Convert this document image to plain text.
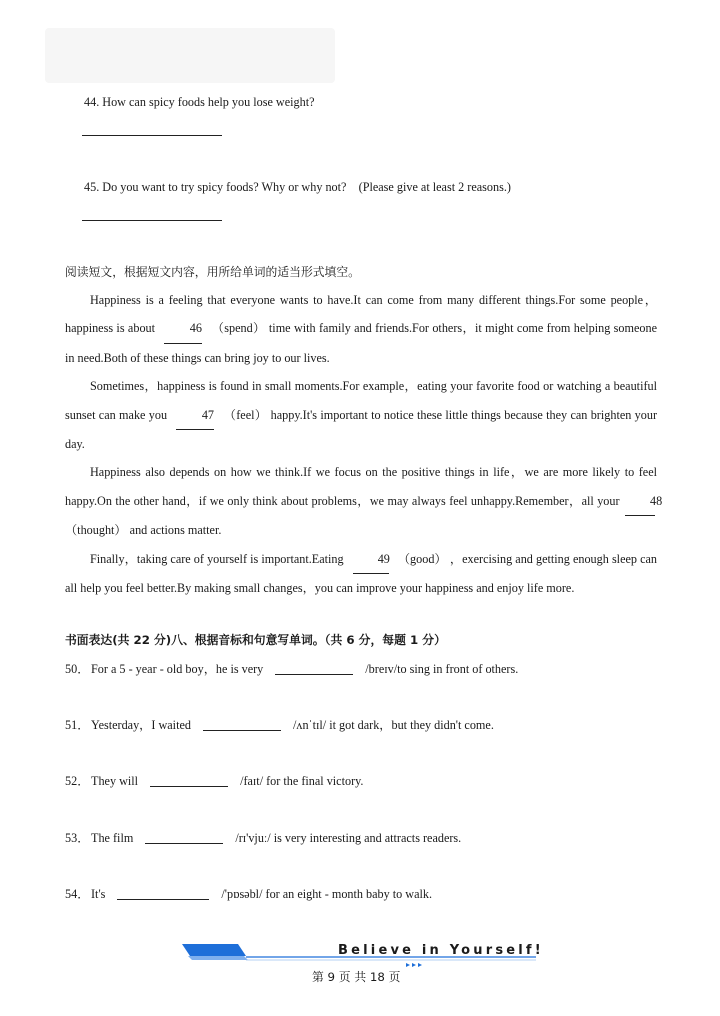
44. How can spicy foods help you lose weight?
45. Do you want to try spicy foods? Why or why not?    (Please give at least 2 reasons.)
阅读短文，根据短文内容，用所给单词的适当形式填空。

Happiness is a feeling that everyone wants to have.It can come from many different things.For some people，happiness is about	46 （spend） time with family and friends.For others，it might come from helping someone in need.Both of these things can bring joy to our lives.

Sometimes，happiness is found in small moments.For example，eating your favorite food or watching a beautiful sunset can make you	47 （feel） happy.It's important to notice these little things because they can brighten your day.

Happiness also depends on how we think.If we focus on the positive things in life，we are more likely to feel happy.On the other hand，if we only think about problems，we may always feel unhappy.Remember，all your 48 （thought） and actions matter.

Finally，taking care of yourself is important.Eating	49 （good） ，exercising and getting enough sleep can all help you feel better.By making small changes，you can improve your happiness and enjoy life more.

书面表达(共 22 分)八、根据音标和句意写单词。（共 6 分，每题 1 分）
50． For a 5 - year - old boy，he is very	/breɪv/to sing in front of others.
51． Yesterday，I waited	/ʌnˈtɪl/ it got dark，but they didn't come.
52． They will	/faɪt/ for the final victory.
53． The film	/rɪ'vjuː/ is very interesting and attracts readers.
54． It's	/'pɒsəbl/ for an eight - month baby to walk.
Believe in Yourself!
第 9 页 共 18 页
